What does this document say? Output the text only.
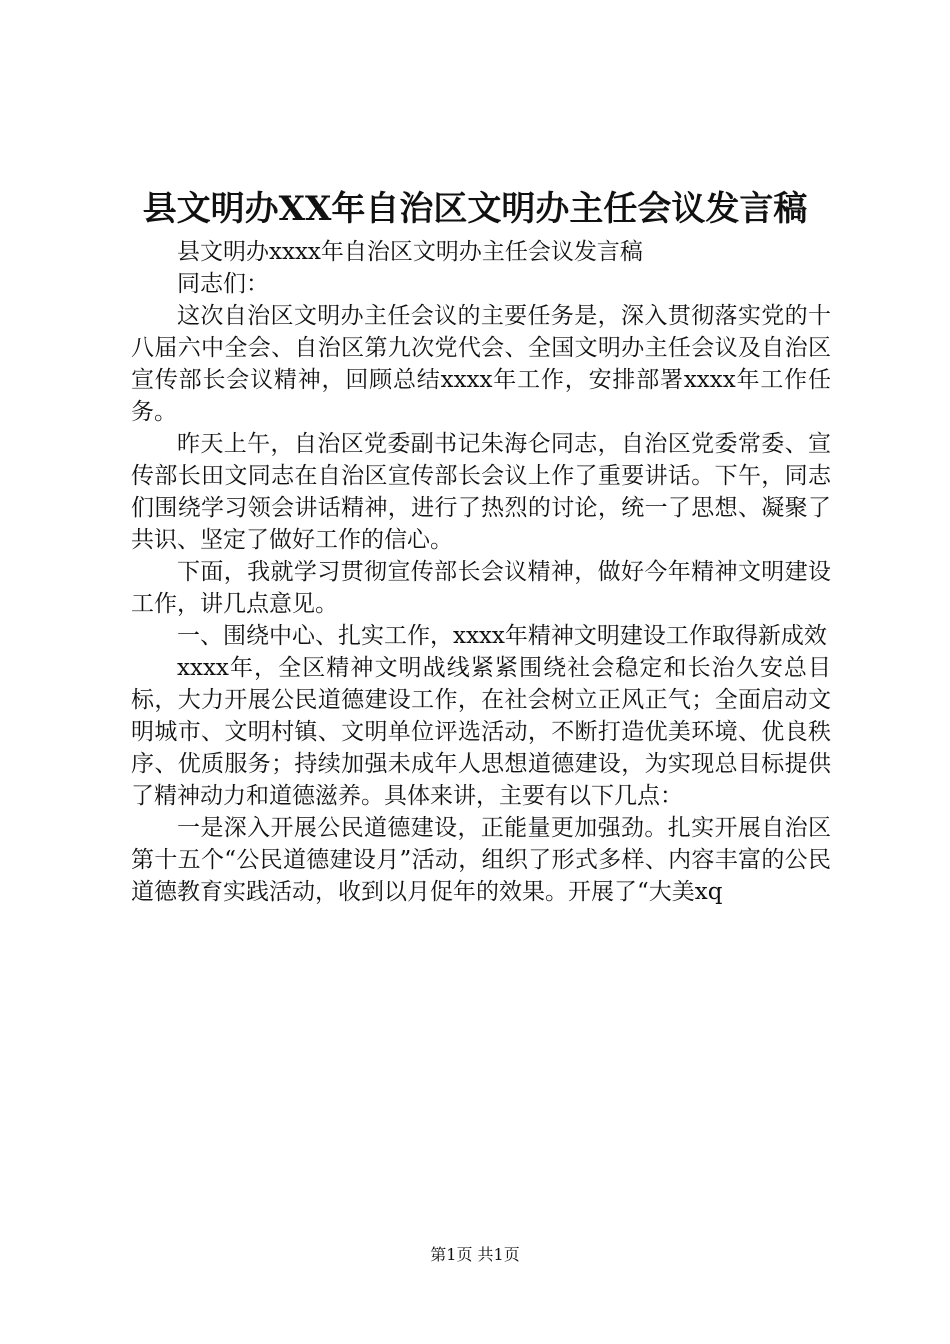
县文明办XX年自治区文明办主任会议发言稿

县文明办xxxx年自治区文明办主任会议发言稿

同志们：

这次自治区文明办主任会议的主要任务是，深入贯彻落实党的十八届六中全会、自治区第九次党代会、全国文明办主任会议及自治区宣传部长会议精神，回顾总结xxxx年工作，安排部署xxxx年工作任务。

昨天上午，自治区党委副书记朱海仑同志，自治区党委常委、宣传部长田文同志在自治区宣传部长会议上作了重要讲话。下午，同志们围绕学习领会讲话精神，进行了热烈的讨论，统一了思想、凝聚了共识、坚定了做好工作的信心。

下面，我就学习贯彻宣传部长会议精神，做好今年精神文明建设工作，讲几点意见。

一、围绕中心、扎实工作，xxxx年精神文明建设工作取得新成效

xxxx年，全区精神文明战线紧紧围绕社会稳定和长治久安总目标，大力开展公民道德建设工作，在社会树立正风正气；全面启动文明城市、文明村镇、文明单位评选活动，不断打造优美环境、优良秩序、优质服务；持续加强未成年人思想道德建设，为实现总目标提供了精神动力和道德滋养。具体来讲，主要有以下几点：

一是深入开展公民道德建设，正能量更加强劲。扎实开展自治区第十五个“公民道德建设月”活动，组织了形式多样、内容丰富的公民道德教育实践活动，收到以月促年的效果。开展了“大美xq

第1页 共1页
